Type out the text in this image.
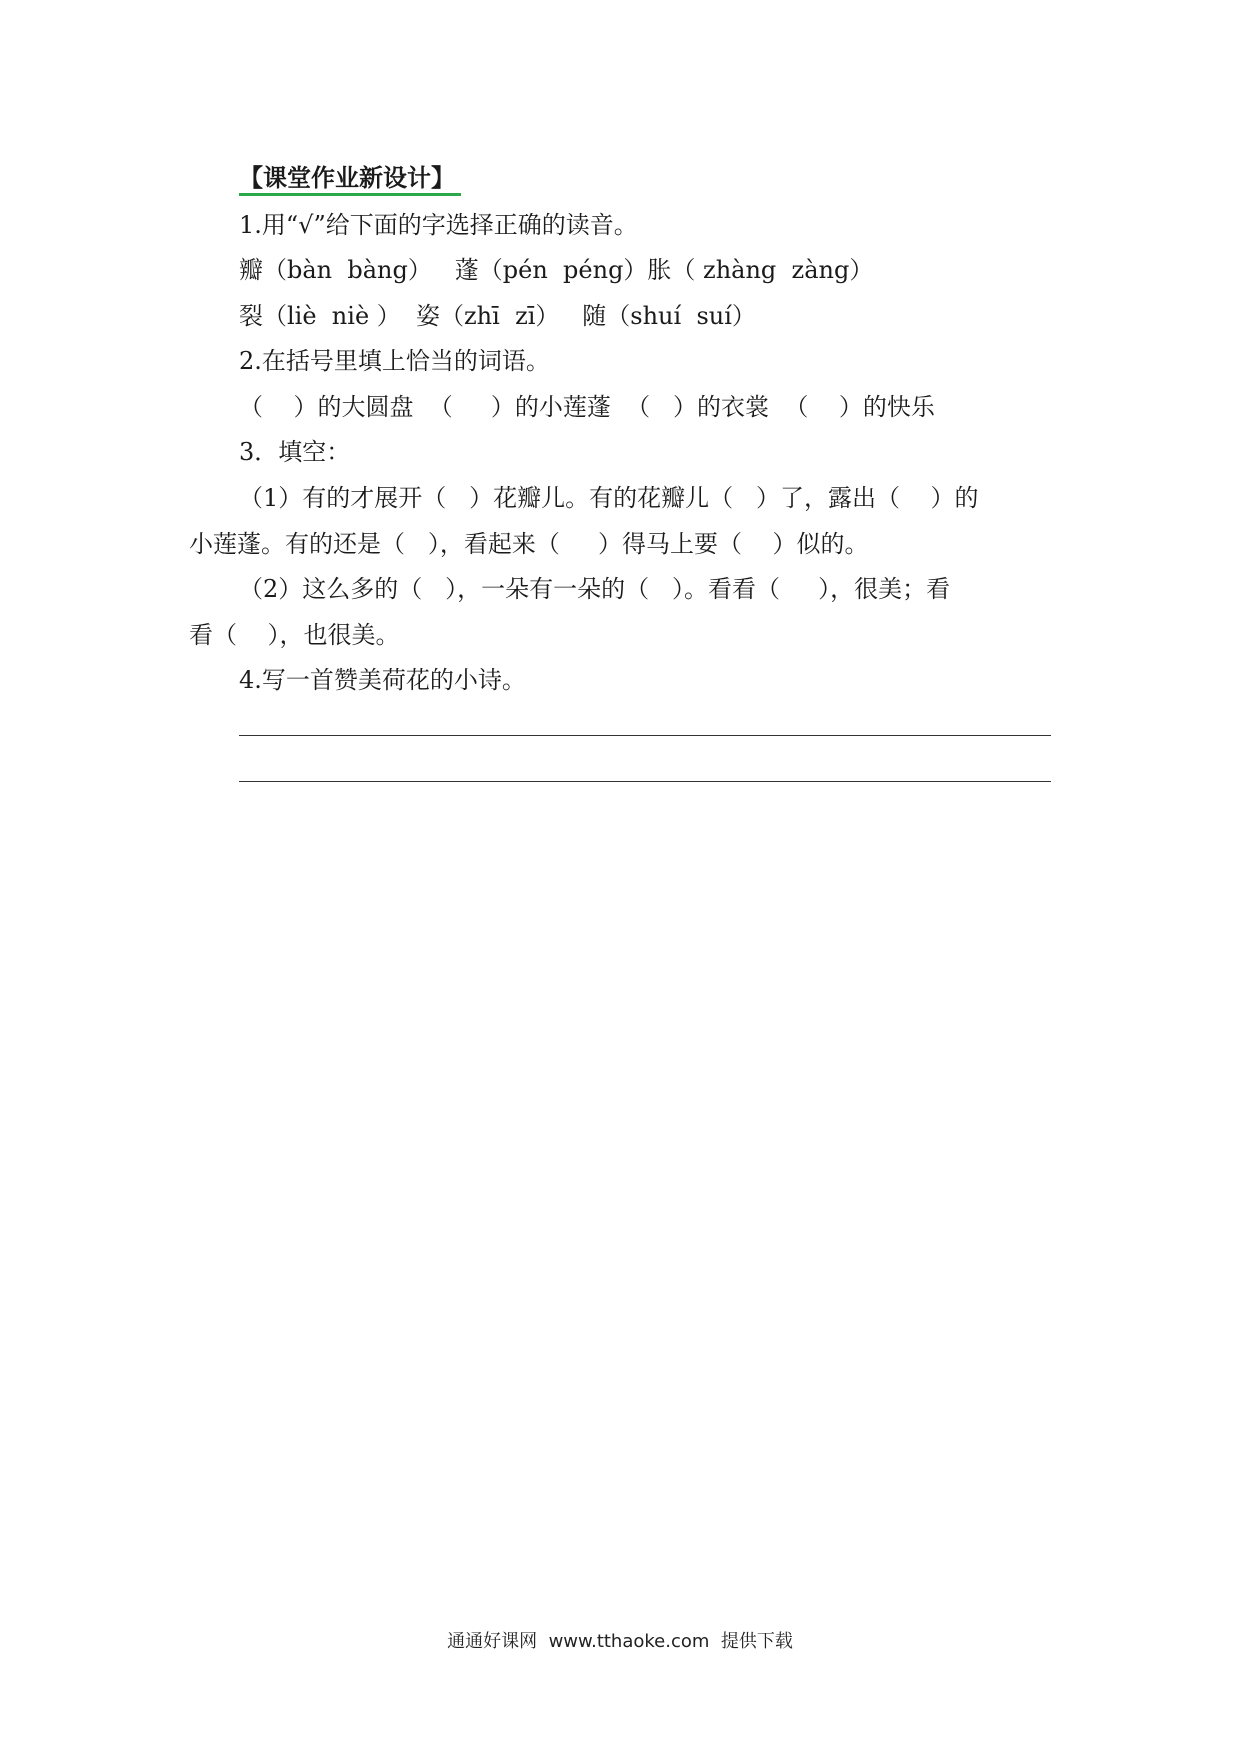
【课堂作业新设计】
1.用“√”给下面的字选择正确的读音。
瓣（bàn  bàng）   蓬（pén  péng）胀（ zhàng  zàng）
裂（liè  niè ）  姿（zhī  zī）   随（shuí  suí）
2.在括号里填上恰当的词语。
（    ）的大圆盘  （     ）的小莲蓬  （   ）的衣裳  （    ）的快乐
3．填空：
（1）有的才展开（   ）花瓣儿。有的花瓣儿（   ）了，露出（    ）的
小莲蓬。有的还是（   ），看起来（     ）得马上要（    ）似的。
（2）这么多的（   ），一朵有一朵的（   ）。看看（     ），很美；看
看（    ），也很美。
4.写一首赞美荷花的小诗。
通通好课网  www.tthaoke.com  提供下载
